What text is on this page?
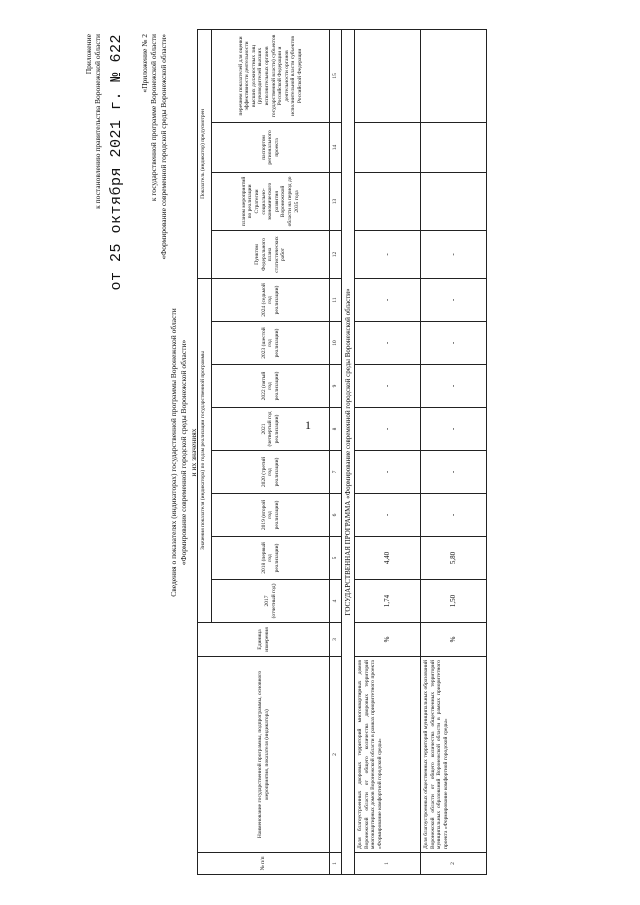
1
Приложение к постановлению правительства Воронежской области от 25 октября 2021 г. № 622 «Приложение № 2 к государственной программе Воронежской области «Формирование современной городской среды Воронежской области»
Сведения о показателях (индикаторах) государственной программы Воронежской области «Формирование современной городской среды Воронежской области» и их значениях
№ п/п	Наименование государственной программы, подпрограммы, основного мероприятия, показателя (индикатора)	Единица измерения	Значения показателя (индикатора) по годам реализации государственной программы								Показатель (индикатор) предусмотрен			
			2017 (отчетный год)	2018 (первый год реализации)	2019 (второй год реализации)	2020 (третий год реализации)	2021 (четвертый год реализации)	2022 (пятый год реализации)	2023 (шестой год реализации)	2024 (седьмой год реализации)	Пунктом Федерального плана статистических работ	планом мероприятий по реализации Стратегии социально-экономического развития Воронежской области на период до 2035 года	паспортом регионального проекта	перечнем показателей для оценки эффективности деятельности высших должностных лиц (руководителей высших исполнительных органов государственной власти) субъектов Российской Федерации и деятельности органов исполнительной власти субъектов Российской Федерации
1	2	3	4	5	6	7	8	9	10	11	12	13	14	15
ГОСУДАРСТВЕННАЯ ПРОГРАММА «Формирование современной городской среды Воронежской области»														
1	Доля благоустроенных дворовых территорий многоквартирных домов Воронежской области от общего количества дворовых территорий многоквартирных домов Воронежской области в рамках приоритетного проекта «Формирование комфортной городской среды»	%	1,74	4,40	-	-	-	-	-	-	-			
2	Доля благоустроенных общественных территорий муниципальных образований Воронежской области от общего количества общественных территорий муниципальных образований Воронежской области в рамках приоритетного проекта «Формирование комфортной городской среды»	%	1,50	5,80	-	-	-	-	-	-	-			
